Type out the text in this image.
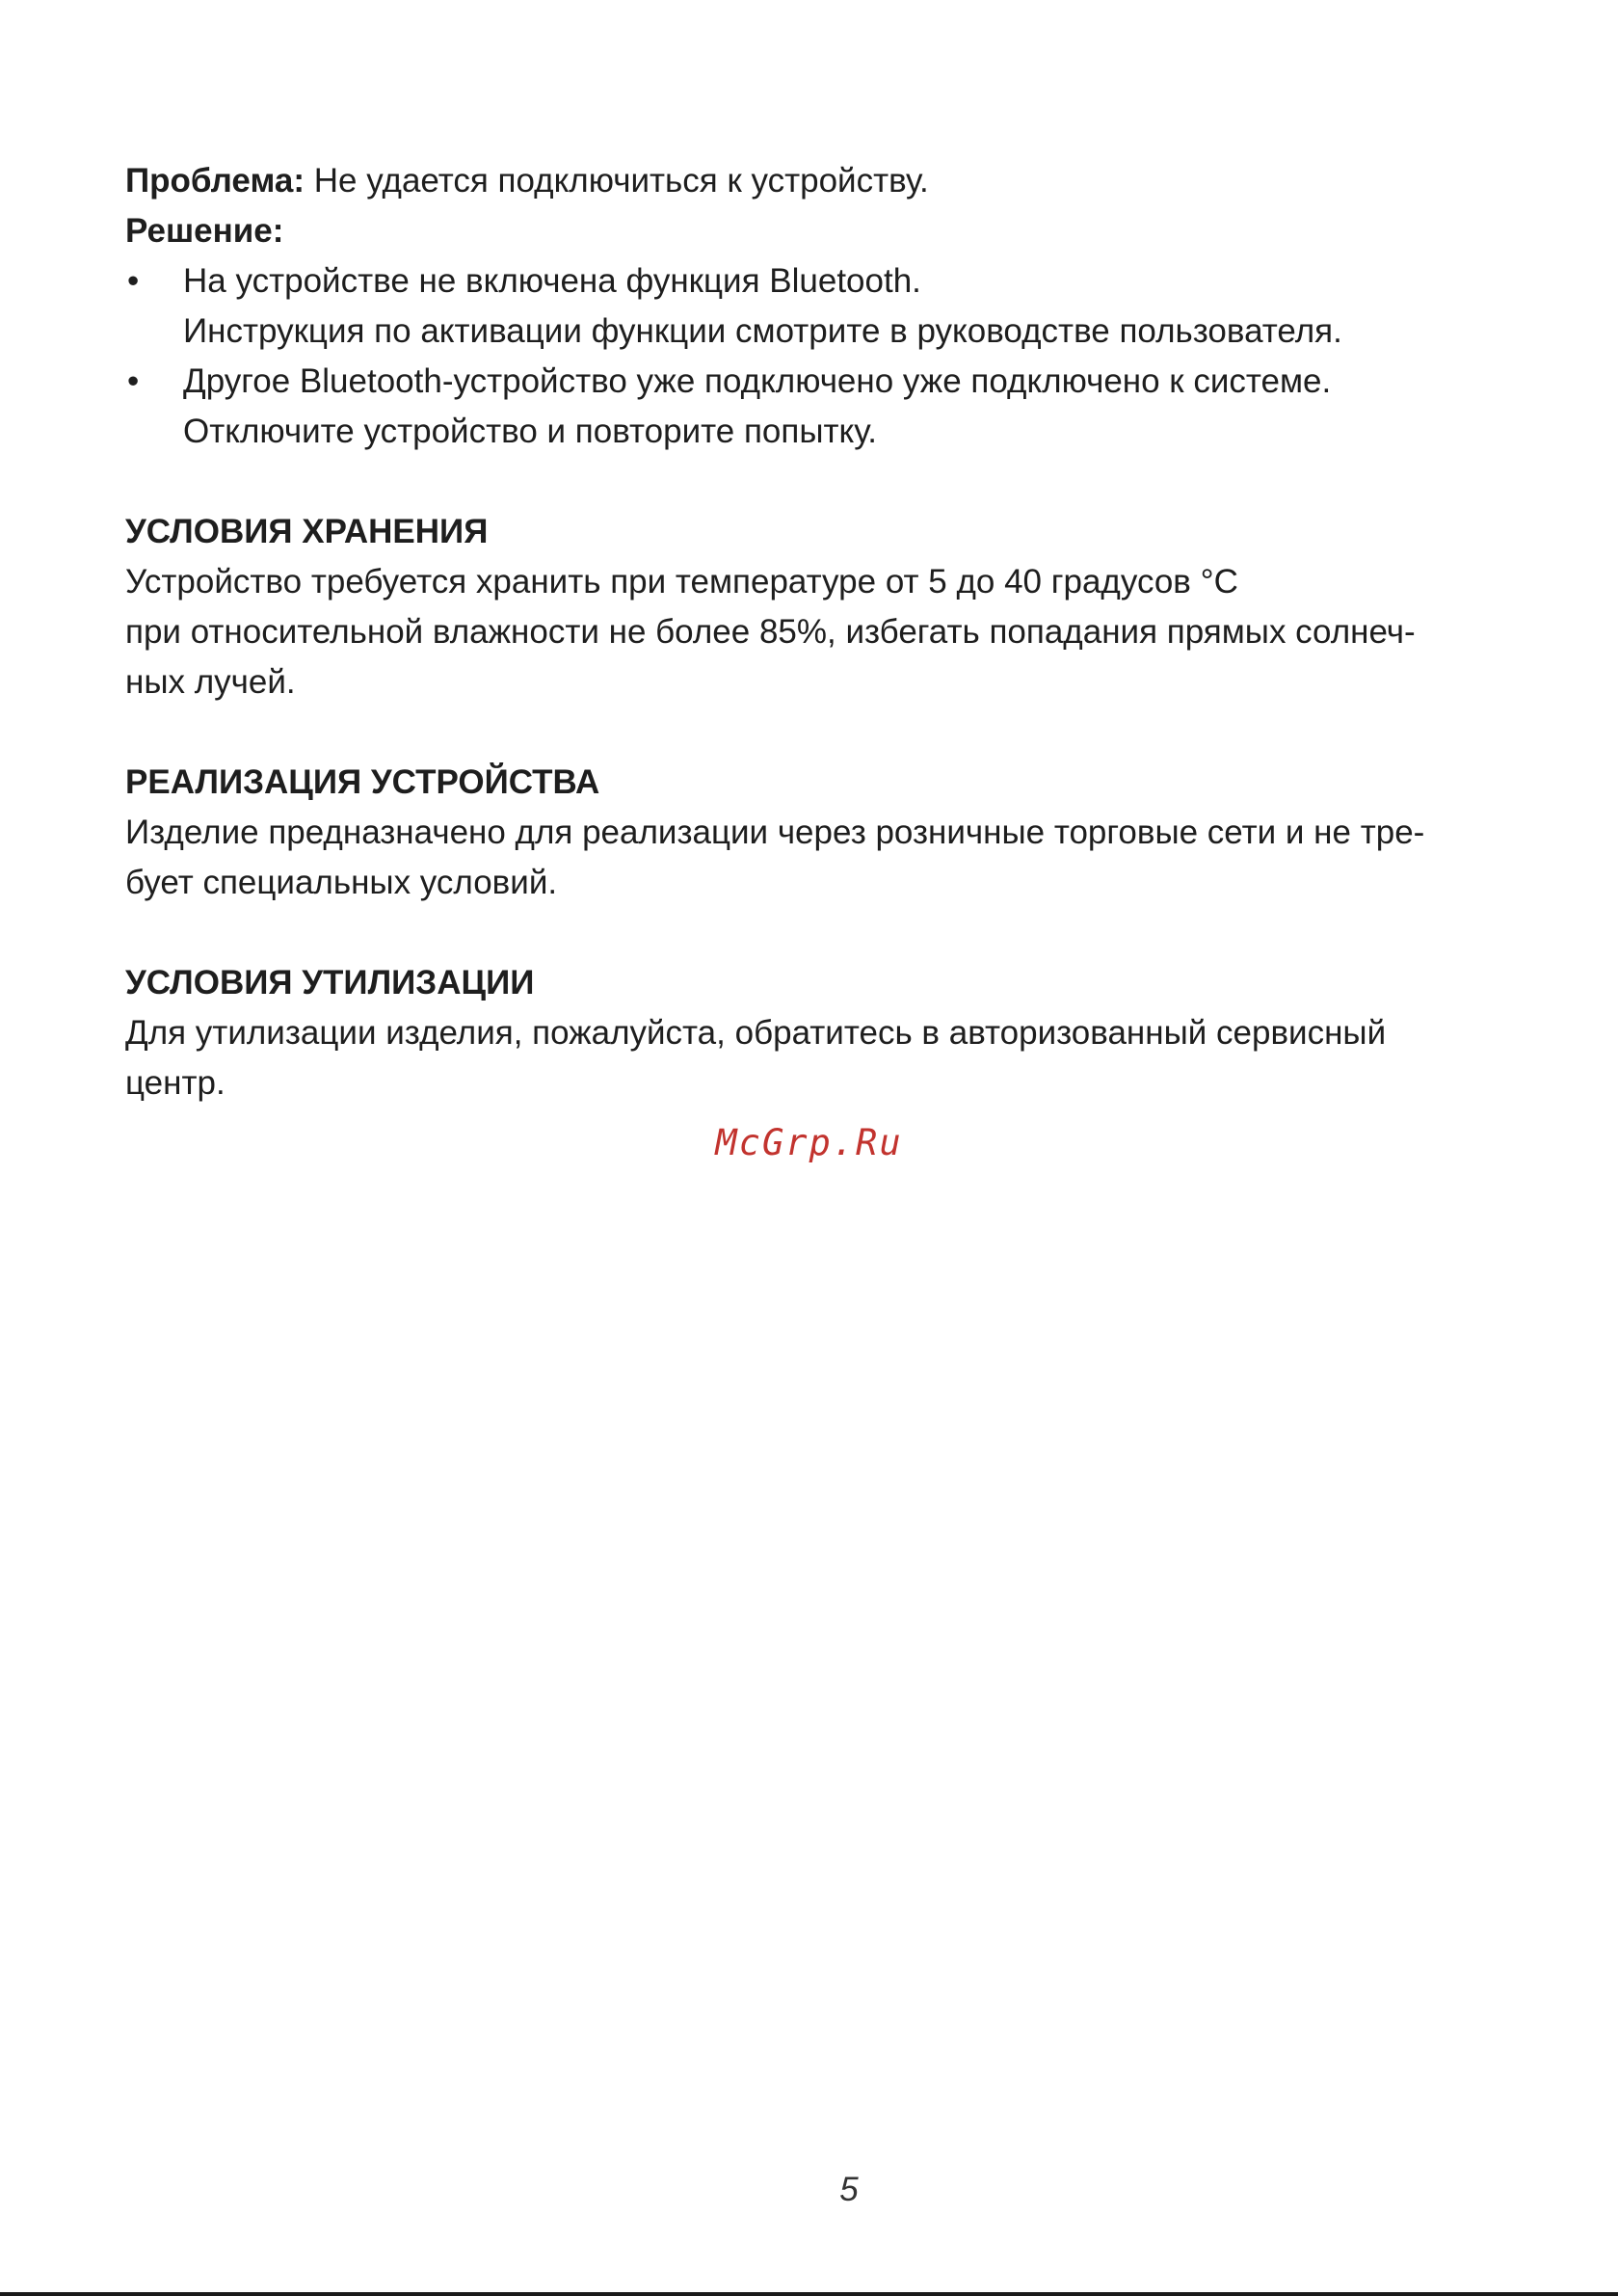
Проблема: Не удается подключиться к устройству.
Решение:
• На устройстве не включена функция Bluetooth.
Инструкция по активации функции смотрите в руководстве пользователя.
• Другое Bluetooth-устройство уже подключено уже подключено к системе.
Отключите устройство и повторите попытку.
УСЛОВИЯ ХРАНЕНИЯ
Устройство требуется хранить при температуре от 5 до 40 градусов °C
при относительной влажности не более 85%, избегать попадания прямых солнеч-
ных лучей.
РЕАЛИЗАЦИЯ УСТРОЙСТВА
Изделие предназначено для реализации через розничные торговые сети и не тре-
бует специальных условий.
УСЛОВИЯ УТИЛИЗАЦИИ
Для утилизации изделия, пожалуйста, обратитесь в авторизованный сервисный
центр.
McGrp.Ru
5
